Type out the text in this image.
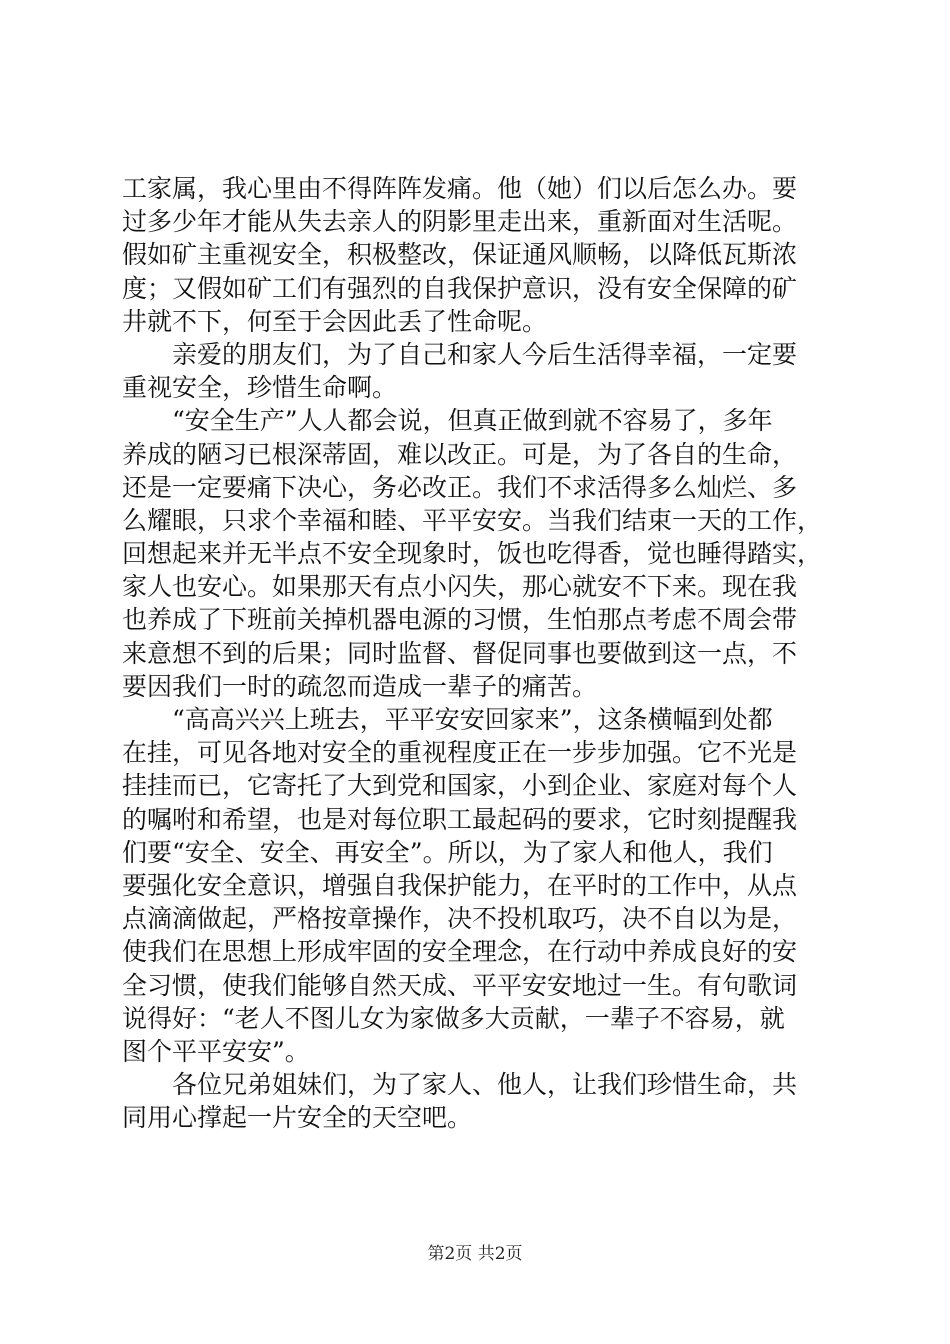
工家属，我心里由不得阵阵发痛。他（她）们以后怎么办。要
过多少年才能从失去亲人的阴影里走出来，重新面对生活呢。
假如矿主重视安全，积极整改，保证通风顺畅，以降低瓦斯浓
度；又假如矿工们有强烈的自我保护意识，没有安全保障的矿
井就不下，何至于会因此丢了性命呢。
　　亲爱的朋友们，为了自己和家人今后生活得幸福，一定要
重视安全，珍惜生命啊。
　　“安全生产”人人都会说，但真正做到就不容易了，多年
养成的陋习已根深蒂固，难以改正。可是，为了各自的生命，
还是一定要痛下决心，务必改正。我们不求活得多么灿烂、多
么耀眼，只求个幸福和睦、平平安安。当我们结束一天的工作，
回想起来并无半点不安全现象时，饭也吃得香，觉也睡得踏实，
家人也安心。如果那天有点小闪失，那心就安不下来。现在我
也养成了下班前关掉机器电源的习惯，生怕那点考虑不周会带
来意想不到的后果；同时监督、督促同事也要做到这一点，不
要因我们一时的疏忽而造成一辈子的痛苦。
　　“高高兴兴上班去，平平安安回家来”，这条横幅到处都
在挂，可见各地对安全的重视程度正在一步步加强。它不光是
挂挂而已，它寄托了大到党和国家，小到企业、家庭对每个人
的嘱咐和希望，也是对每位职工最起码的要求，它时刻提醒我
们要“安全、安全、再安全”。所以，为了家人和他人，我们
要强化安全意识，增强自我保护能力，在平时的工作中，从点
点滴滴做起，严格按章操作，决不投机取巧，决不自以为是，
使我们在思想上形成牢固的安全理念，在行动中养成良好的安
全习惯，使我们能够自然天成、平平安安地过一生。有句歌词
说得好：“老人不图儿女为家做多大贡献，一辈子不容易，就
图个平平安安”。
　　各位兄弟姐妹们，为了家人、他人，让我们珍惜生命，共
同用心撑起一片安全的天空吧。
第2页 共2页
